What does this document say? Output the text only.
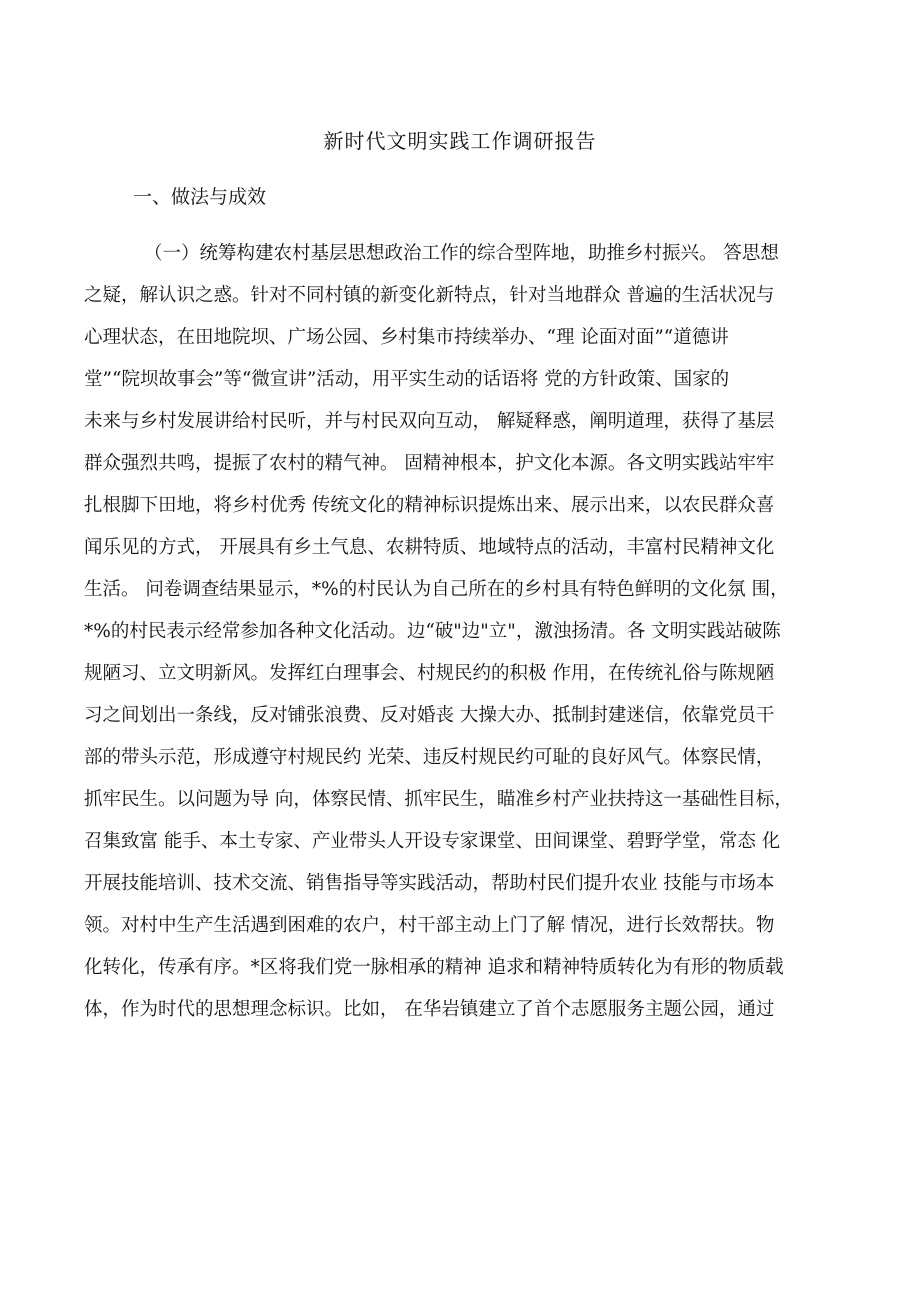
新时代文明实践工作调研报告
一、做法与成效
（一）统筹构建农村基层思想政治工作的综合型阵地，助推乡村振兴。 答思想
之疑，解认识之惑。针对不同村镇的新变化新特点，针对当地群众 普遍的生活状况与
心理状态，在田地院坝、广场公园、乡村集市持续举办、“理 论面对面”“道德讲
堂”“院坝故事会”等“微宣讲”活动，用平实生动的话语将 党的方针政策、国家的
未来与乡村发展讲给村民听，并与村民双向互动， 解疑释惑，阐明道理，获得了基层
群众强烈共鸣，提振了农村的精气神。 固精神根本，护文化本源。各文明实践站牢牢
扎根脚下田地，将乡村优秀 传统文化的精神标识提炼出来、展示出来，以农民群众喜
闻乐见的方式， 开展具有乡土气息、农耕特质、地域特点的活动，丰富村民精神文化
生活。 问卷调查结果显示，*%的村民认为自己所在的乡村具有特色鲜明的文化氛 围，
*%的村民表示经常参加各种文化活动。边“破"边"立"，激浊扬清。各 文明实践站破陈
规陋习、立文明新风。发挥红白理事会、村规民约的积极 作用，在传统礼俗与陈规陋
习之间划出一条线，反对铺张浪费、反对婚丧 大操大办、抵制封建迷信，依靠党员干
部的带头示范，形成遵守村规民约 光荣、违反村规民约可耻的良好风气。体察民情，
抓牢民生。以问题为导 向，体察民情、抓牢民生，瞄准乡村产业扶持这一基础性目标，
召集致富 能手、本土专家、产业带头人开设专家课堂、田间课堂、碧野学堂，常态 化
开展技能培训、技术交流、销售指导等实践活动，帮助村民们提升农业 技能与市场本
领。对村中生产生活遇到困难的农户，村干部主动上门了解 情况，进行长效帮扶。物
化转化，传承有序。*区将我们党一脉相承的精神 追求和精神特质转化为有形的物质载
体，作为时代的思想理念标识。比如， 在华岩镇建立了首个志愿服务主题公园，通过
